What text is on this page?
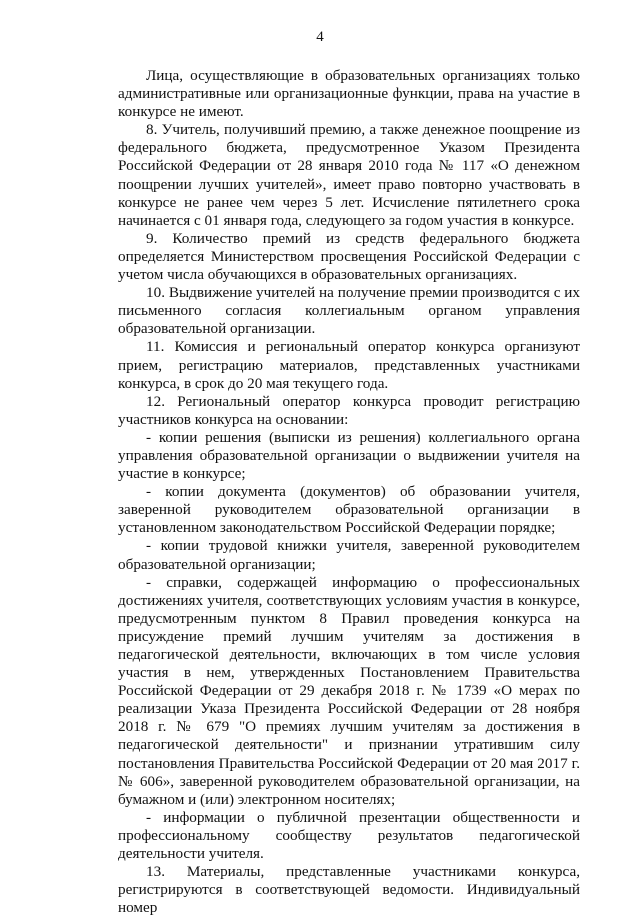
4

Лица, осуществляющие в образовательных организациях только административные или организационные функции, права на участие в конкурсе не имеют.

8. Учитель, получивший премию, а также денежное поощрение из федерального бюджета, предусмотренное Указом Президента Российской Федерации от 28 января 2010 года № 117 «О денежном поощрении лучших учителей», имеет право повторно участвовать в конкурсе не ранее чем через 5 лет. Исчисление пятилетнего срока начинается с 01 января года, следующего за годом участия в конкурсе.

9. Количество премий из средств федерального бюджета определяется Министерством просвещения Российской Федерации с учетом числа обучающихся в образовательных организациях.

10. Выдвижение учителей на получение премии производится с их письменного согласия коллегиальным органом управления образовательной организации.

11. Комиссия и региональный оператор конкурса организуют прием, регистрацию материалов, представленных участниками конкурса, в срок до 20 мая текущего года.

12. Региональный оператор конкурса проводит регистрацию участников конкурса на основании:

- копии решения (выписки из решения) коллегиального органа управления образовательной организации о выдвижении учителя на участие в конкурсе;

- копии документа (документов) об образовании учителя, заверенной руководителем образовательной организации в установленном законодательством Российской Федерации порядке;

- копии трудовой книжки учителя, заверенной руководителем образовательной организации;

- справки, содержащей информацию о профессиональных достижениях учителя, соответствующих условиям участия в конкурсе, предусмотренным пунктом 8 Правил проведения конкурса на присуждение премий лучшим учителям за достижения в педагогической деятельности, включающих в том числе условия участия в нем, утвержденных Постановлением Правительства Российской Федерации от 29 декабря 2018 г. № 1739 «О мерах по реализации Указа Президента Российской Федерации от 28 ноября 2018 г. № 679 "О премиях лучшим учителям за достижения в педагогической деятельности" и признании утратившим силу постановления Правительства Российской Федерации от 20 мая 2017 г. № 606», заверенной руководителем образовательной организации, на бумажном и (или) электронном носителях;

- информации о публичной презентации общественности и профессиональному сообществу результатов педагогической деятельности учителя.

13. Материалы, представленные участниками конкурса, регистрируются в соответствующей ведомости. Индивидуальный номер
